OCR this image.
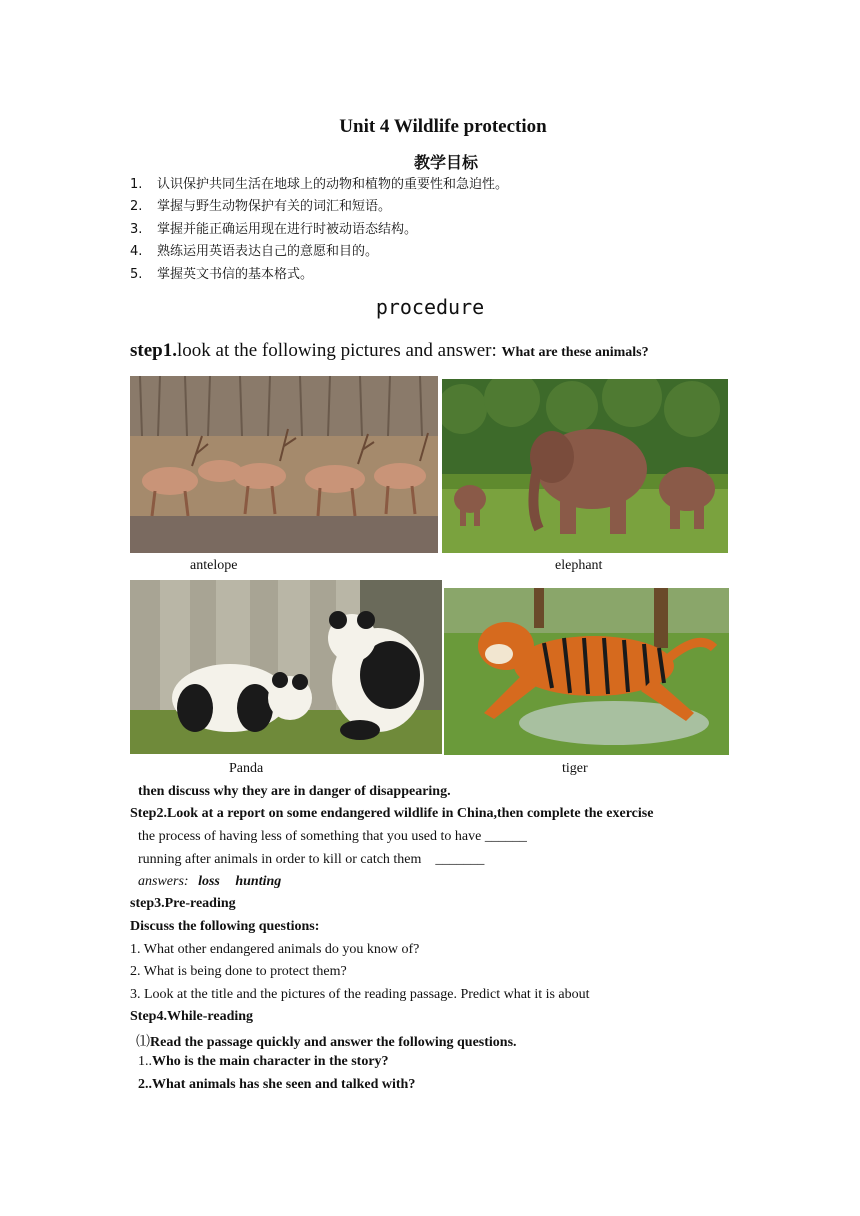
Unit 4 Wildlife protection
教学目标
1. 认识保护共同生活在地球上的动物和植物的重要性和急迫性。
2. 掌握与野生动物保护有关的词汇和短语。
3. 掌握并能正确运用现在进行时被动语态结构。
4. 熟练运用英语表达自己的意愿和目的。
5. 掌握英文书信的基本格式。
procedure
step1.look at the following pictures and answer: What are these animals?
antelope	elephant
Panda	tiger
then discuss why they are in danger of disappearing.
Step2.Look at a report on some endangered wildlife in China,then complete the exercise
the process of having less of something that you used to have ______
running after animals in order to kill or catch them    _______
answers: loss hunting
step3.Pre-reading
Discuss the following questions:
1. What other endangered animals do you know of?
2. What is being done to protect them?
3. Look at the title and the pictures of the reading passage. Predict what it is about
Step4.While-reading
⑴Read the passage quickly and answer the following questions.
1..Who is the main character in the story?
2..What animals has she seen and talked with?
